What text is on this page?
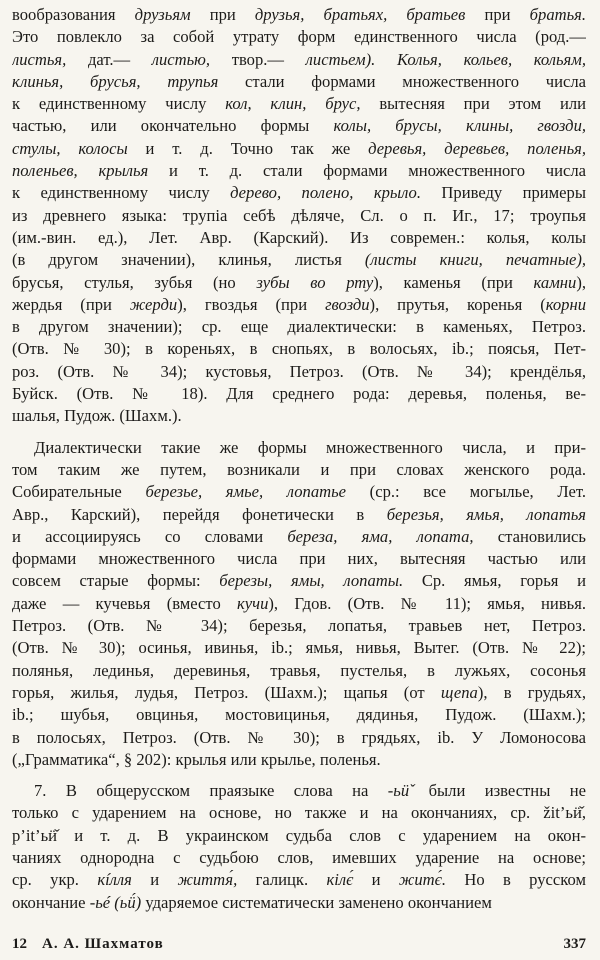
вообразования друзьям при друзья, братьях, братьев при братья.
Это повлекло за собой утрату форм единственного числа (род.—
листья, дат.— листью, твор.— листьем). Колья, кольев, кольям,
клинья, брусья, трупья стали формами множественного числа
к единственному числу кол, клин, брус, вытесняя при этом или
частью, или окончательно формы колы, брусы, клины, гвозди,
стулы, колосы и т. д. Точно так же деревья, деревьев, поленья,
поленьев, крылья и т. д. стали формами множественного числа
к единственному числу дерево, полено, крыло. Приведу примеры
из древнего языка: трупіа себѣ дѣляче, Сл. о п. Иг., 17; троупья
(им.-вин. ед.), Лет. Авр. (Карский). Из современ.: колья, колы
(в другом значении), клинья, листья (листы книги, печатные),
брусья, стулья, зубья (но зубы во рту), каменья (при камни),
жердья (при жерди), гвоздья (при гвозди), прутья, коренья (корни
в другом значении); ср. еще диалектически: в каменьях, Петроз.
(Отв. № 30); в кореньях, в снопьях, в волосьях, ib.; поясья, Пет-
роз. (Отв. № 34); кустовья, Петроз. (Отв. № 34); крендёлья,
Буйск. (Отв. № 18). Для среднего рода: деревья, поленья, ве-
шалья, Пудож. (Шахм.).
Диалектически такие же формы множественного числа, и при-
том таким же путем, возникали и при словах женского рода.
Собирательные березье, ямье, лопатье (ср.: все могылье, Лет.
Авр., Карский), перейдя фонетически в березья, ямья, лопатья
и ассоциируясь со словами береза, яма, лопата, становились
формами множественного числа при них, вытесняя частью или
совсем старые формы: березы, ямы, лопаты. Ср. ямья, горья и
даже — кучевья (вместо кучи), Гдов. (Отв. № 11); ямья, нивья.
Петроз. (Отв. № 34); березья, лопатья, травьев нет, Петроз.
(Отв. № 30); осинья, ивинья, ib.; ямья, нивья, Вытег. (Отв. № 22);
полянья, лединья, деревинья, травья, пустелья, в лужьях, сосонья
горья, жилья, лудья, Петроз. (Шахм.); щапья (от щепа), в грудьях,
ib.; шубья, овцинья, мостовицинья, дядинья, Пудож. (Шахм.);
в полосьях, Петроз. (Отв. № 30); в грядьях, ib. У Ломоносова
(„Грамматика“, § 202): крылья или крылье, поленья.
7. В общерусском праязыке слова на -ьӥ̌ были известны не
только с ударением на основе, но также и на окончаниях, ср. žit’ьӥ̌,
p’it’ьӥ̌ и т. д. В украинском судьба слов с ударением на окон-
чаниях однородна с судьбою слов, имевших ударение на основе;
ср. укр. кíлля и життя́, галицк. кілє́ и житє́. Но в русском
окончание -ьé (ьӥ́) ударяемое систематически заменено окончанием
12 А. А. Шахматов	337
